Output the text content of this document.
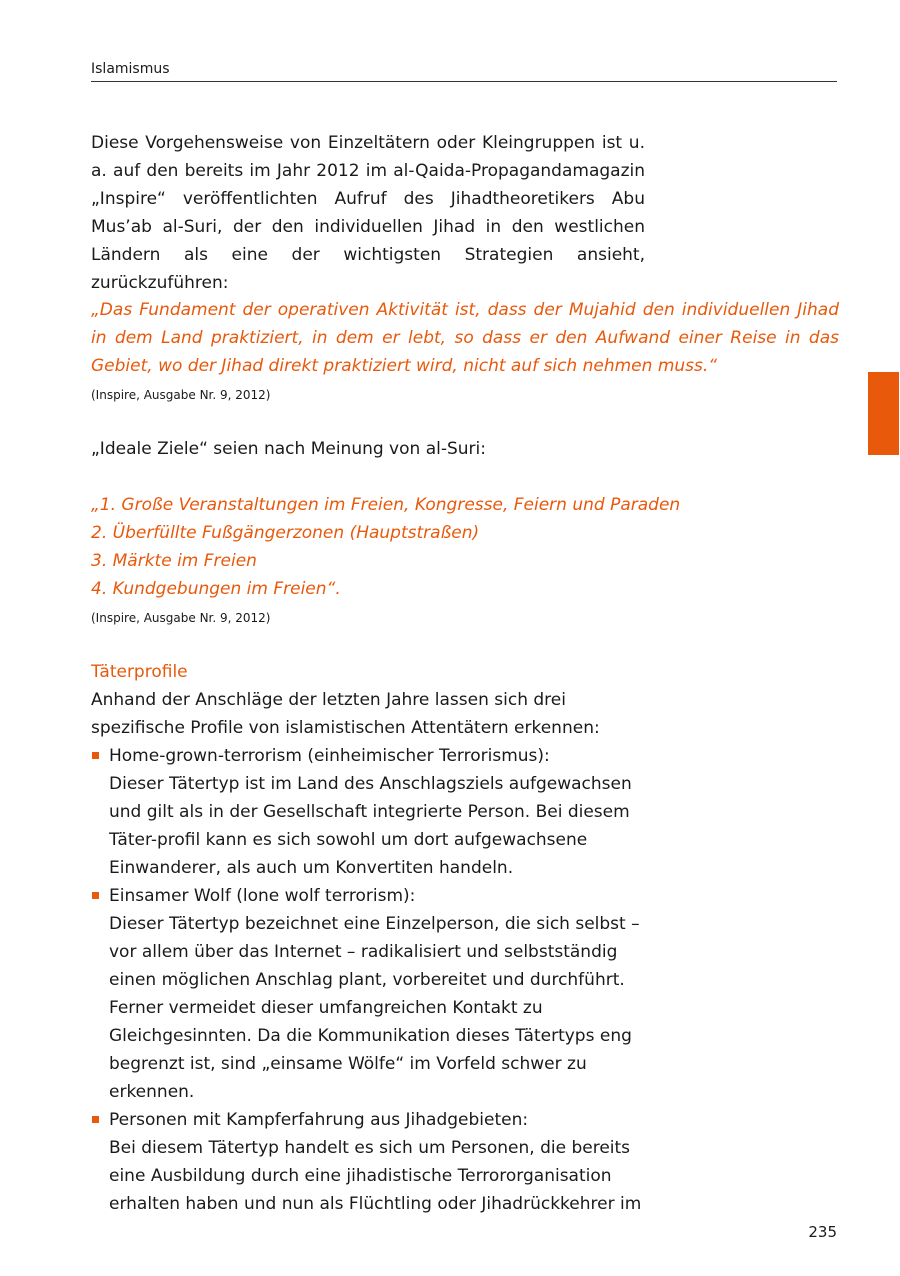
Islamismus

Diese Vorgehensweise von Einzeltätern oder Kleingruppen ist u. a. auf den bereits im Jahr 2012 im al-Qaida-Propagandamagazin „Inspire“ veröffentlichten Aufruf des Jihadtheoretikers Abu Mus’ab al-Suri, der den individuellen Jihad in den westlichen Ländern als eine der wichtigsten Strategien ansieht, zurückzuführen:

„Das Fundament der operativen Aktivität ist, dass der Mujahid den individuellen Jihad in dem Land praktiziert, in dem er lebt, so dass er den Aufwand einer Reise in das Gebiet, wo der Jihad direkt praktiziert wird, nicht auf sich nehmen muss.“

(Inspire, Ausgabe Nr. 9, 2012)

„Ideale Ziele“ seien nach Meinung von al-Suri:

„1. Große Veranstaltungen im Freien, Kongresse, Feiern und Paraden
2. Überfüllte Fußgängerzonen (Hauptstraßen)
3. Märkte im Freien
4. Kundgebungen im Freien“.

(Inspire, Ausgabe Nr. 9, 2012)

Täterprofile

Anhand der Anschläge der letzten Jahre lassen sich drei spezifische Profile von islamistischen Attentätern erkennen:

Home-grown-terrorism (einheimischer Terrorismus):
Dieser Tätertyp ist im Land des Anschlagsziels aufgewachsen und gilt als in der Gesellschaft integrierte Person. Bei diesem Täter-profil kann es sich sowohl um dort aufgewachsene Einwanderer, als auch um Konvertiten handeln.
Einsamer Wolf (lone wolf terrorism):
Dieser Tätertyp bezeichnet eine Einzelperson, die sich selbst – vor allem über das Internet – radikalisiert und selbstständig einen möglichen Anschlag plant, vorbereitet und durchführt. Ferner vermeidet dieser umfangreichen Kontakt zu Gleichgesinnten. Da die Kommunikation dieses Tätertyps eng begrenzt ist, sind „einsame Wölfe“ im Vorfeld schwer zu erkennen.
Personen mit Kampferfahrung aus Jihadgebieten:
Bei diesem Tätertyp handelt es sich um Personen, die bereits eine Ausbildung durch eine jihadistische Terrororganisation erhalten haben und nun als Flüchtling oder Jihadrückkehrer im
235
